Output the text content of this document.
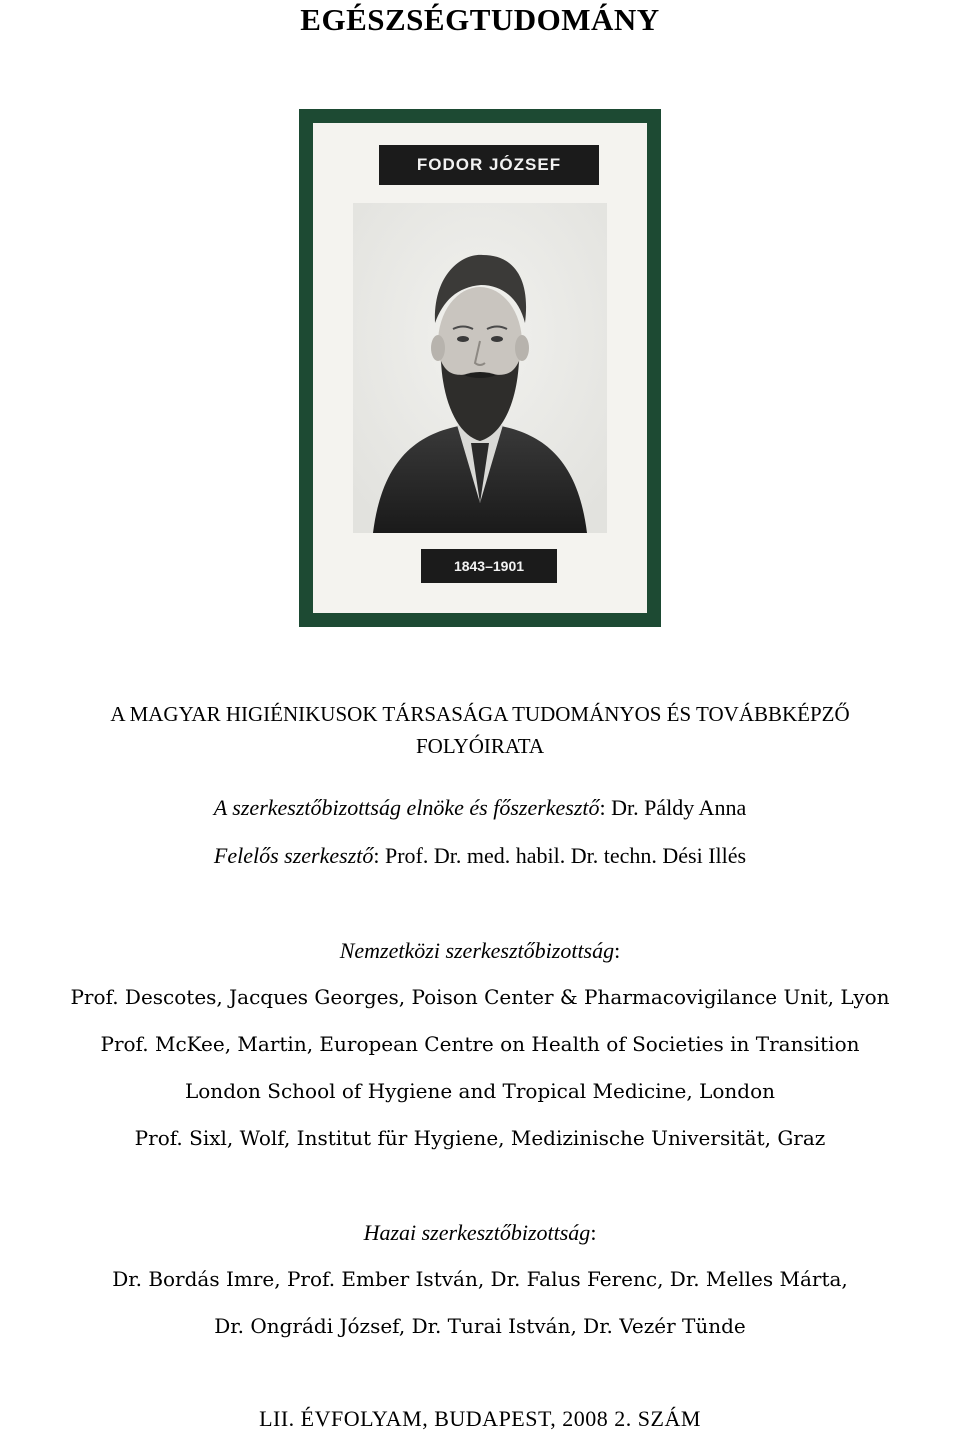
EGÉSZSÉGTUDOMÁNY
FODOR JÓZSEF
1843–1901
A MAGYAR HIGIÉNIKUSOK TÁRSASÁGA TUDOMÁNYOS ÉS TOVÁBBKÉPZŐ
FOLYÓIRATA
A szerkesztőbizottság elnöke és főszerkesztő: Dr. Páldy Anna
Felelős szerkesztő: Prof. Dr. med. habil. Dr. techn. Dési Illés
Nemzetközi szerkesztőbizottság:
Prof. Descotes, Jacques Georges, Poison Center & Pharmacovigilance Unit, Lyon
Prof. McKee, Martin, European Centre on Health of Societies in Transition
London School of Hygiene and Tropical Medicine, London
Prof. Sixl, Wolf, Institut für Hygiene, Medizinische Universität, Graz
Hazai szerkesztőbizottság:
Dr. Bordás Imre, Prof. Ember István, Dr. Falus Ferenc, Dr. Melles Márta,
Dr. Ongrádi József, Dr. Turai István, Dr. Vezér Tünde
LII. ÉVFOLYAM, BUDAPEST, 2008 2. SZÁM
